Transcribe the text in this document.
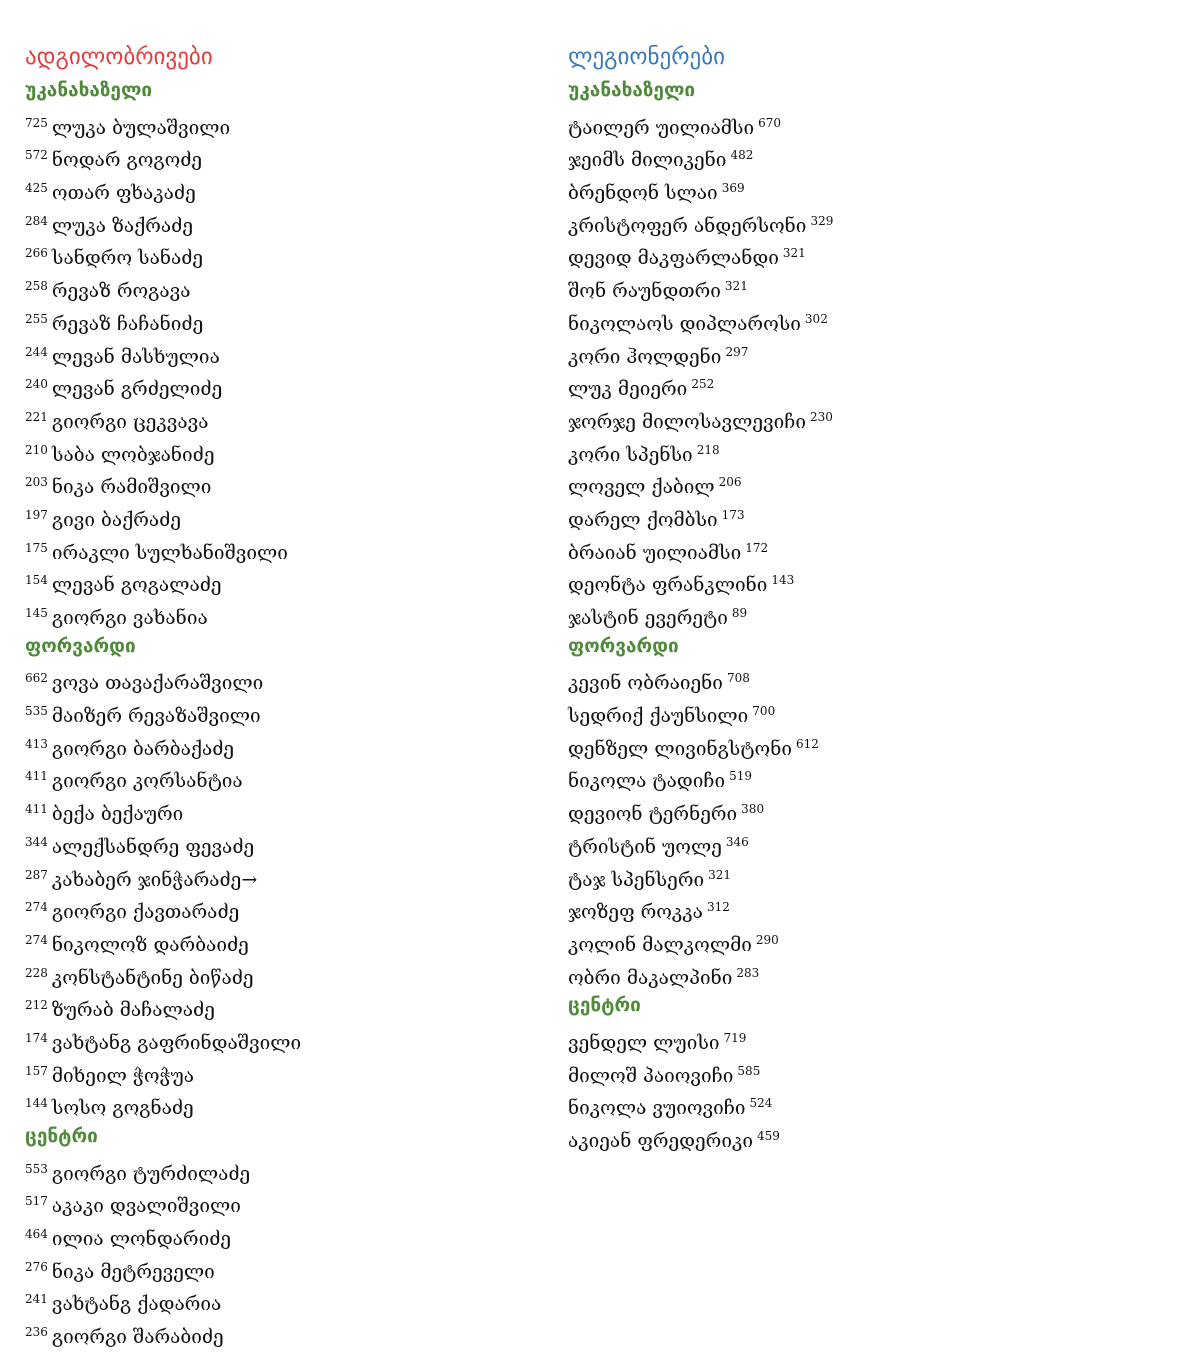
ადგილობრივები
უკანახაზელი
$^{725}$ ლუკა ბულაშვილი
$^{572}$ ნოდარ გოგოძე
$^{425}$ ოთარ ფხაკაძე
$^{284}$ ლუკა ზაქრაძე
$^{266}$ სანდრო სანაძე
$^{258}$ რევაზ როგავა
$^{255}$ რევაზ ჩაჩანიძე
$^{244}$ ლევან მასხულია
$^{240}$ ლევან გრძელიძე
$^{221}$ გიორგი ცეკვავა
$^{210}$ საბა ლობჯანიძე
$^{203}$ ნიკა რამიშვილი
$^{197}$ გივი ბაქრაძე
$^{175}$ ირაკლი სულხანიშვილი
$^{154}$ ლევან გოგალაძე
$^{145}$ გიორგი ვახანია
ფორვარდი
$^{662}$ ვოვა თავაქარაშვილი
$^{535}$ მაიზერ რევაზაშვილი
$^{413}$ გიორგი ბარბაქაძე
$^{411}$ გიორგი კორსანტია
$^{411}$ ბექა ბექაური
$^{344}$ ალექსანდრე ფევაძე
$^{287}$ კახაბერ ჯინჭარაძე→
$^{274}$ გიორგი ქავთარაძე
$^{274}$ ნიკოლოზ დარბაიძე
$^{228}$ კონსტანტინე ბიწაძე
$^{212}$ ზურაბ მაჩალაძე
$^{174}$ ვახტანგ გაფრინდაშვილი
$^{157}$ მიხეილ ჭოჭუა
$^{144}$ სოსო გოგნაძე
ცენტრი
$^{553}$ გიორგი ტურძილაძე
$^{517}$ აკაკი დვალიშვილი
$^{464}$ ილია ლონდარიძე
$^{276}$ ნიკა მეტრეველი
$^{241}$ ვახტანგ ქადარია
$^{236}$ გიორგი შარაბიძე
ლეგიონერები
უკანახაზელი
ტაილერ უილიამსი $^{670}$
ჯეიმს მილიკენი $^{482}$
ბრენდონ სლაი $^{369}$
კრისტოფერ ანდერსონი $^{329}$
დევიდ მაკფარლანდი $^{321}$
შონ რაუნდთრი $^{321}$
ნიკოლაოს დიპლაროსი $^{302}$
კორი ჰოლდენი $^{297}$
ლუკ მეიერი $^{252}$
ჯორჯე მილოსავლევიჩი $^{230}$
კორი სპენსი $^{218}$
ლოველ ქაბილ $^{206}$
დარელ ქომბსი $^{173}$
ბრაიან უილიამსი $^{172}$
დეონტა ფრანკლინი $^{143}$
ჯასტინ ევერეტი $^{89}$
ფორვარდი
კევინ ობრაიენი $^{708}$
სედრიქ ქაუნსილი $^{700}$
დენზელ ლივინგსტონი $^{612}$
ნიკოლა ტადიჩი $^{519}$
დევიონ ტერნერი $^{380}$
ტრისტინ უოლე $^{346}$
ტაჯ სპენსერი $^{321}$
ჯოზეფ როკკა $^{312}$
კოლინ მალკოლმი $^{290}$
ობრი მაკალპინი $^{283}$
ცენტრი
ვენდელ ლუისი $^{719}$
მილოშ პაიოვიჩი $^{585}$
ნიკოლა ვუიოვიჩი $^{524}$
აკიეან ფრედერიკი $^{459}$
